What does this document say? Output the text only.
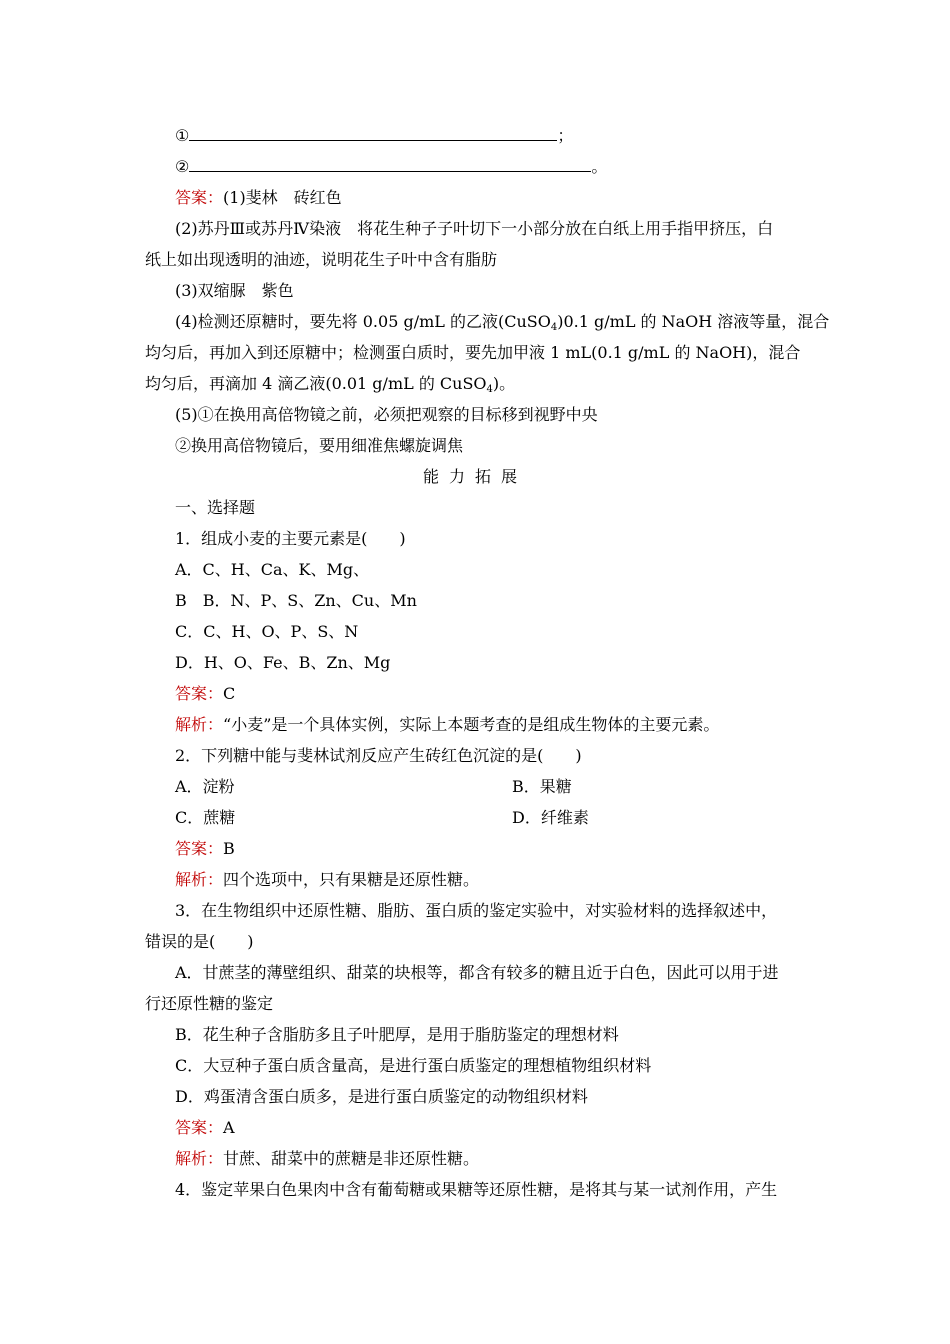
①	；
②	。
答案：(1)斐林　砖红色
(2)苏丹Ⅲ或苏丹Ⅳ染液　将花生种子子叶切下一小部分放在白纸上用手指甲挤压，白
纸上如出现透明的油迹，说明花生子叶中含有脂肪
(3)双缩脲　紫色
(4)检测还原糖时，要先将 0.05 g/mL 的乙液(CuSO$_4$)0.1 g/mL 的 NaOH 溶液等量，混合
均匀后，再加入到还原糖中；检测蛋白质时，要先加甲液 1 mL(0.1 g/mL 的 NaOH)，混合
均匀后，再滴加 4 滴乙液(0.01 g/mL 的 CuSO$_4$)。
(5)①在换用高倍物镜之前，必须把观察的目标移到视野中央
②换用高倍物镜后，要用细准焦螺旋调焦
能力拓展
一、选择题
1．组成小麦的主要元素是(　　)
A．C、H、Ca、K、Mg、
B　B．N、P、S、Zn、Cu、Mn
C．C、H、O、P、S、N
D．H、O、Fe、B、Zn、Mg
答案：C
解析：“小麦”是一个具体实例，实际上本题考查的是组成生物体的主要元素。
2．下列糖中能与斐林试剂反应产生砖红色沉淀的是(　　)
A．淀粉	B．果糖
C．蔗糖	D．纤维素
答案：B
解析：四个选项中，只有果糖是还原性糖。
3．在生物组织中还原性糖、脂肪、蛋白质的鉴定实验中，对实验材料的选择叙述中，
错误的是(　　)
A．甘蔗茎的薄壁组织、甜菜的块根等，都含有较多的糖且近于白色，因此可以用于进
行还原性糖的鉴定
B．花生种子含脂肪多且子叶肥厚，是用于脂肪鉴定的理想材料
C．大豆种子蛋白质含量高，是进行蛋白质鉴定的理想植物组织材料
D．鸡蛋清含蛋白质多，是进行蛋白质鉴定的动物组织材料
答案：A
解析：甘蔗、甜菜中的蔗糖是非还原性糖。
4．鉴定苹果白色果肉中含有葡萄糖或果糖等还原性糖，是将其与某一试剂作用，产生
